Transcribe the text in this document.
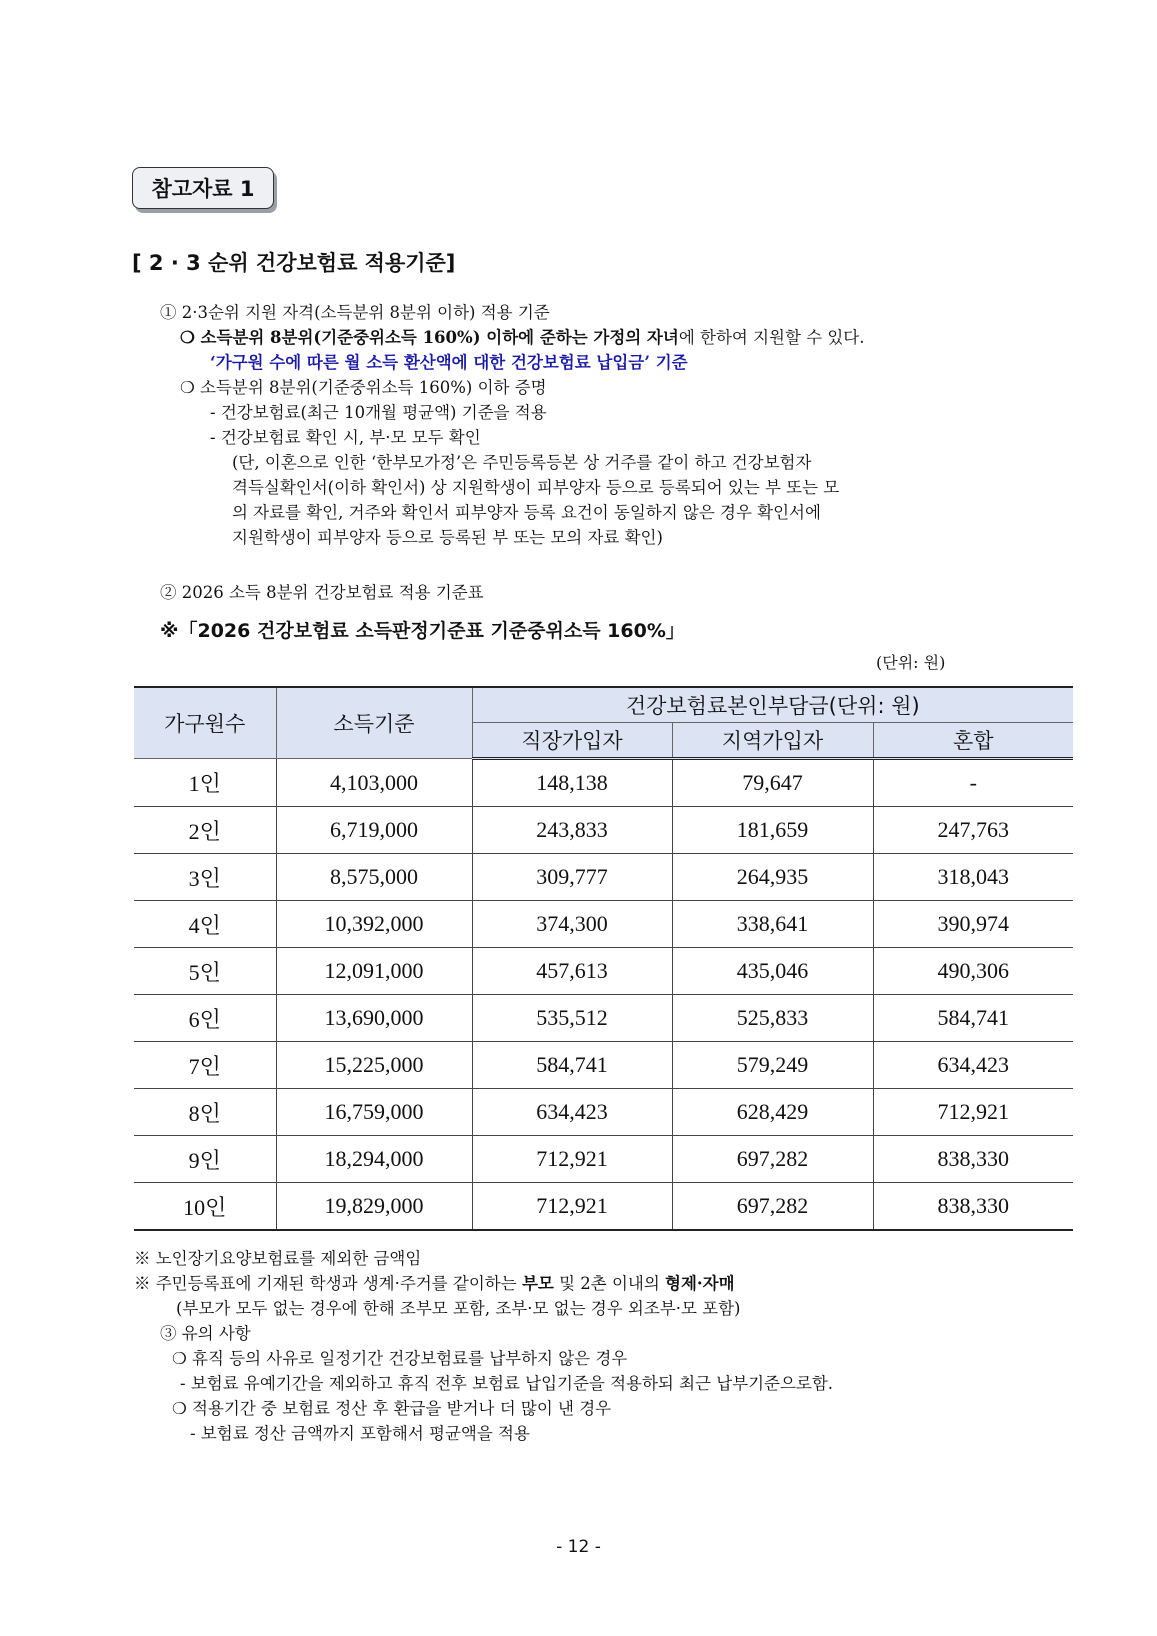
참고자료 1
[ 2 · 3 순위 건강보험료 적용기준]
① 2·3순위 지원 자격(소득분위 8분위 이하) 적용 기준
❍ 소득분위 8분위(기준중위소득 160%) 이하에 준하는 가정의 자녀에 한하여 지원할 수 있다.
‘가구원 수에 따른 월 소득 환산액에 대한 건강보험료 납입금’ 기준
❍ 소득분위 8분위(기준중위소득 160%) 이하 증명
- 건강보험료(최근 10개월 평균액) 기준을 적용
- 건강보험료 확인 시, 부·모 모두 확인
(단, 이혼으로 인한 ‘한부모가정’은 주민등록등본 상 거주를 같이 하고 건강보험자
격득실확인서(이하 확인서) 상 지원학생이 피부양자 등으로 등록되어 있는 부 또는 모
의 자료를 확인, 거주와 확인서 피부양자 등록 요건이 동일하지 않은 경우 확인서에
지원학생이 피부양자 등으로 등록된 부 또는 모의 자료 확인)
② 2026 소득 8분위 건강보험료 적용 기준표
※「2026 건강보험료 소득판정기준표 기준중위소득 160%」
(단위: 원)
가구원수	소득기준	건강보험료본인부담금(단위: 원)		
		직장가입자	지역가입자	혼합
1인	4,103,000	148,138	79,647	-
2인	6,719,000	243,833	181,659	247,763
3인	8,575,000	309,777	264,935	318,043
4인	10,392,000	374,300	338,641	390,974
5인	12,091,000	457,613	435,046	490,306
6인	13,690,000	535,512	525,833	584,741
7인	15,225,000	584,741	579,249	634,423
8인	16,759,000	634,423	628,429	712,921
9인	18,294,000	712,921	697,282	838,330
10인	19,829,000	712,921	697,282	838,330
※ 노인장기요양보험료를 제외한 금액임
※ 주민등록표에 기재된 학생과 생계·주거를 같이하는 부모 및 2촌 이내의 형제·자매
(부모가 모두 없는 경우에 한해 조부모 포함, 조부·모 없는 경우 외조부·모 포함)
③ 유의 사항
❍ 휴직 등의 사유로 일정기간 건강보험료를 납부하지 않은 경우
- 보험료 유예기간을 제외하고 휴직 전후 보험료 납입기준을 적용하되 최근 납부기준으로함.
❍ 적용기간 중 보험료 정산 후 환급을 받거나 더 많이 낸 경우
- 보험료 정산 금액까지 포함해서 평균액을 적용
- 12 -
